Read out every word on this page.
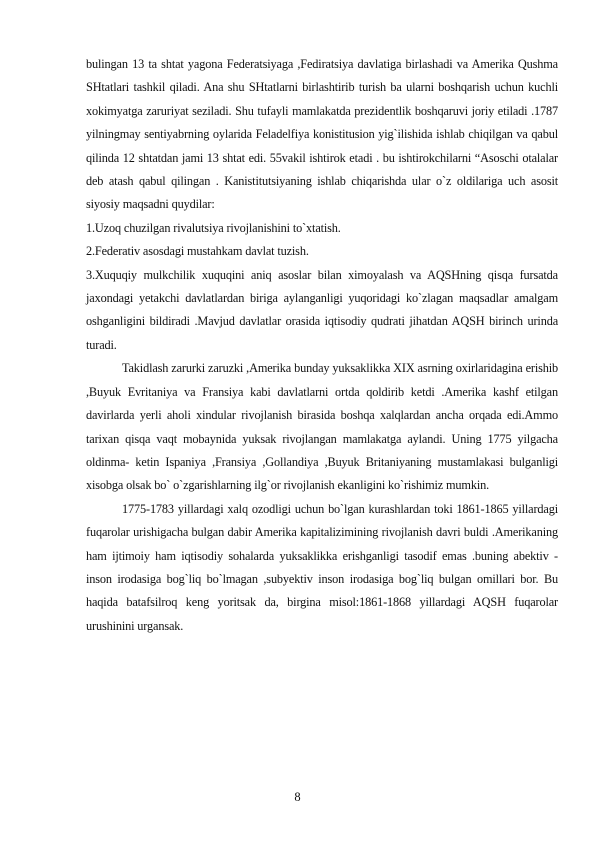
bulingan 13 ta shtat yagona Federatsiyaga ,Fediratsiya davlatiga birlashadi va Amerika Qushma SHtatlari tashkil qiladi. Ana shu SHtatlarni birlashtirib turish ba ularni boshqarish uchun kuchli xokimyatga zaruriyat seziladi. Shu tufayli mamlakatda prezidentlik boshqaruvi joriy etiladi .1787 yilningmay sentiyabrning oylarida Feladelfiya konistitusion yig`ilishida ishlab chiqilgan va qabul qilinda 12 shtatdan jami 13 shtat edi. 55vakil ishtirok etadi . bu ishtirokchilarni “Asoschi otalalar deb atash qabul qilingan . Kanistitutsiyaning ishlab chiqarishda ular o`z oldilariga uch asosit siyosiy maqsadni quydilar:

1.Uzoq chuzilgan rivalutsiya rivojlanishini to`xtatish.

2.Federativ asosdagi mustahkam davlat tuzish.

3.Xuquqiy mulkchilik xuquqini aniq asoslar bilan ximoyalash va AQSHning qisqa fursatda jaxondagi yetakchi davlatlardan biriga aylanganligi yuqoridagi ko`zlagan maqsadlar amalgam oshganligini bildiradi .Mavjud davlatlar orasida iqtisodiy qudrati jihatdan AQSH birinch urinda turadi.

Takidlash zarurki zaruzki ,Amerika bunday yuksaklikka XIX asrning oxirlaridagina erishib ,Buyuk Evritaniya va Fransiya kabi davlatlarni ortda qoldirib ketdi .Amerika kashf etilgan davirlarda yerli aholi xindular rivojlanish birasida boshqa xalqlardan ancha orqada edi.Ammo tarixan qisqa vaqt mobaynida yuksak rivojlangan mamlakatga aylandi. Uning 1775 yilgacha oldinma- ketin Ispaniya ,Fransiya ,Gollandiya ,Buyuk Britaniyaning mustamlakasi bulganligi xisobga olsak bo` o`zgarishlarning ilg`or rivojlanish ekanligini ko`rishimiz mumkin.

1775-1783 yillardagi xalq ozodligi uchun bo`lgan kurashlardan toki 1861-1865 yillardagi fuqarolar urishigacha bulgan dabir Amerika kapitalizimining rivojlanish davri buldi .Amerikaning ham ijtimoiy ham iqtisodiy sohalarda yuksaklikka erishganligi tasodif emas .buning abektiv - inson irodasiga bog`liq bo`lmagan ,subyektiv inson irodasiga bog`liq bulgan omillari bor. Bu haqida batafsilroq keng yoritsak da, birgina misol:1861-1868 yillardagi AQSH fuqarolar urushinini urgansak.

8
